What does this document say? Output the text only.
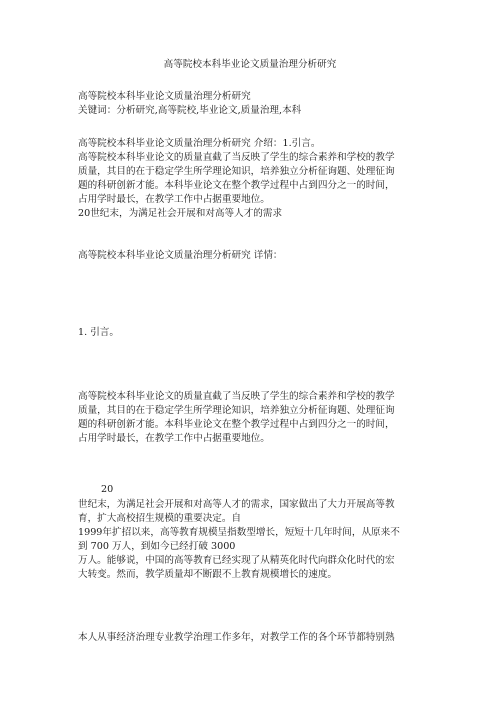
高等院校本科毕业论文质量治理分析研究
高等院校本科毕业论文质量治理分析研究
关键词：分析研究,高等院校,毕业论文,质量治理,本科
高等院校本科毕业论文质量治理分析研究 介绍：1.引言。
高等院校本科毕业论文的质量直截了当反映了学生的综合素养和学校的教学
质量，其目的在于稳定学生所学理论知识，培养独立分析征询题、处理征询
题的科研创新才能。本科毕业论文在整个教学过程中占到四分之一的时间，
占用学时最长，在教学工作中占据重要地位。
20世纪末，为满足社会开展和对高等人才的需求
高等院校本科毕业论文质量治理分析研究 详情：
1. 引言。
高等院校本科毕业论文的质量直截了当反映了学生的综合素养和学校的教学
质量，其目的在于稳定学生所学理论知识，培养独立分析征询题、处理征询
题的科研创新才能。本科毕业论文在整个教学过程中占到四分之一的时间，
占用学时最长，在教学工作中占据重要地位。
20
世纪末，为满足社会开展和对高等人才的需求，国家做出了大力开展高等教
育，扩大高校招生规模的重要决定。自
1999年扩招以来，高等教育规模呈指数型增长，短短十几年时间，从原来不
到 700 万人，到如今已经打破 3000
万人。能够说，中国的高等教育已经实现了从精英化时代向群众化时代的宏
大转变。然而，教学质量却不断跟不上教育规模增长的速度。
本人从事经济治理专业教学治理工作多年，对教学工作的各个环节都特别熟
